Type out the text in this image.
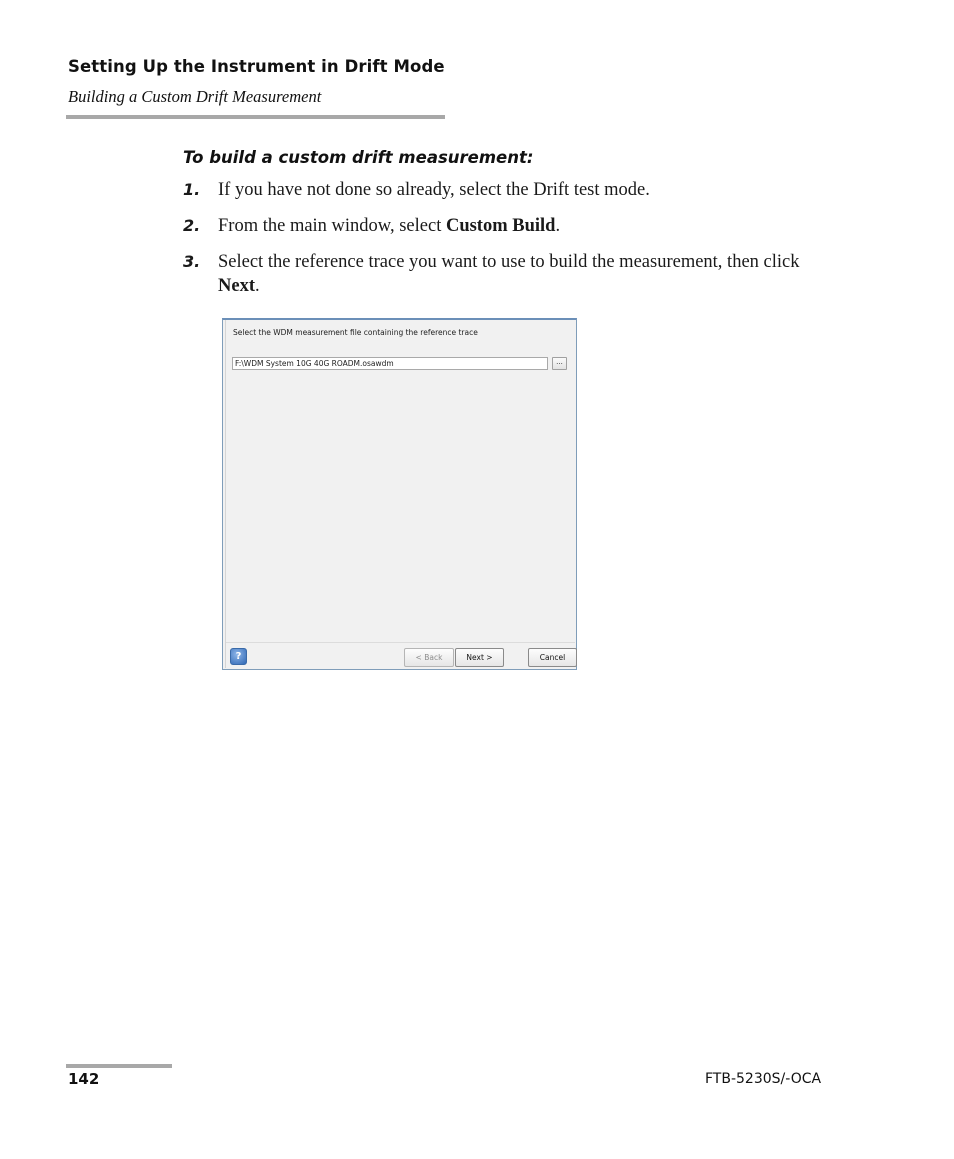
Setting Up the Instrument in Drift Mode
Building a Custom Drift Measurement
To build a custom drift measurement:
1. If you have not done so already, select the Drift test mode.
2. From the main window, select Custom Build.
3. Select the reference trace you want to use to build the measurement, then click Next.
Select the WDM measurement file containing the reference trace
F:\WDM System 10G 40G ROADM.osawdm
...
?	< Back	Next >	Cancel
142	FTB-5230S/-OCA
